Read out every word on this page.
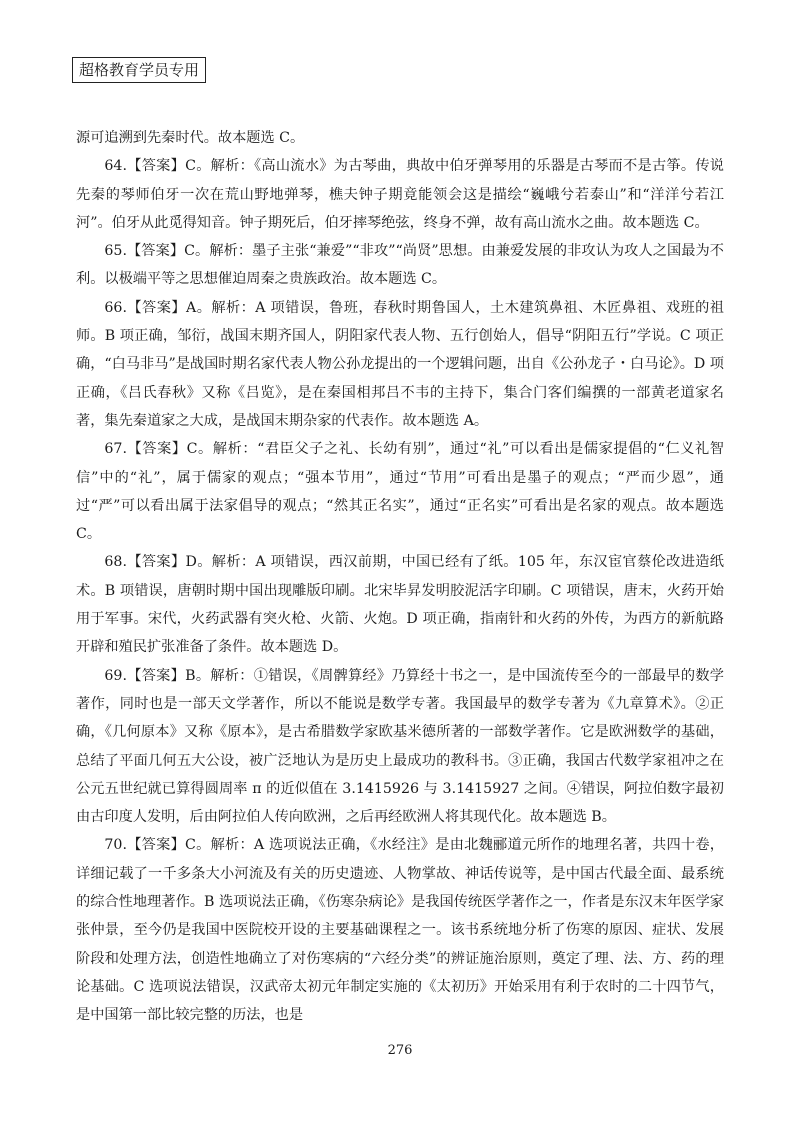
超格教育学员专用

源可追溯到先秦时代。故本题选 C。

64.【答案】C。解析：《高山流水》为古琴曲，典故中伯牙弹琴用的乐器是古琴而不是古筝。传说先秦的琴师伯牙一次在荒山野地弹琴，樵夫钟子期竟能领会这是描绘“巍峨兮若泰山”和“洋洋兮若江河”。伯牙从此觅得知音。钟子期死后，伯牙摔琴绝弦，终身不弹，故有高山流水之曲。故本题选 C。

65.【答案】C。解析：墨子主张“兼爱”“非攻”“尚贤”思想。由兼爱发展的非攻认为攻人之国最为不利。以极端平等之思想催迫周秦之贵族政治。故本题选 C。

66.【答案】A。解析：A 项错误，鲁班，春秋时期鲁国人，土木建筑鼻祖、木匠鼻祖、戏班的祖师。B 项正确，邹衍，战国末期齐国人，阴阳家代表人物、五行创始人，倡导“阴阳五行”学说。C 项正确，“白马非马”是战国时期名家代表人物公孙龙提出的一个逻辑问题，出自《公孙龙子・白马论》。D 项正确，《吕氏春秋》又称《吕览》，是在秦国相邦吕不韦的主持下，集合门客们编撰的一部黄老道家名著，集先秦道家之大成，是战国末期杂家的代表作。故本题选 A。

67.【答案】C。解析：“君臣父子之礼、长幼有别”，通过“礼”可以看出是儒家提倡的“仁义礼智信”中的“礼”，属于儒家的观点；“强本节用”，通过“节用”可看出是墨子的观点；“严而少恩”，通过“严”可以看出属于法家倡导的观点；“然其正名实”，通过“正名实”可看出是名家的观点。故本题选 C。

68.【答案】D。解析：A 项错误，西汉前期，中国已经有了纸。105 年，东汉宦官蔡伦改进造纸术。B 项错误，唐朝时期中国出现雕版印刷。北宋毕昇发明胶泥活字印刷。C 项错误，唐末，火药开始用于军事。宋代，火药武器有突火枪、火箭、火炮。D 项正确，指南针和火药的外传，为西方的新航路开辟和殖民扩张准备了条件。故本题选 D。

69.【答案】B。解析：①错误，《周髀算经》乃算经十书之一，是中国流传至今的一部最早的数学著作，同时也是一部天文学著作，所以不能说是数学专著。我国最早的数学专著为《九章算术》。②正确，《几何原本》又称《原本》，是古希腊数学家欧基米德所著的一部数学著作。它是欧洲数学的基础，总结了平面几何五大公设，被广泛地认为是历史上最成功的教科书。③正确，我国古代数学家祖冲之在公元五世纪就已算得圆周率 π 的近似值在 3.1415926 与 3.1415927 之间。④错误，阿拉伯数字最初由古印度人发明，后由阿拉伯人传向欧洲，之后再经欧洲人将其现代化。故本题选 B。

70.【答案】C。解析：A 选项说法正确，《水经注》是由北魏郦道元所作的地理名著，共四十卷，详细记载了一千多条大小河流及有关的历史遗迹、人物掌故、神话传说等，是中国古代最全面、最系统的综合性地理著作。B 选项说法正确，《伤寒杂病论》是我国传统医学著作之一，作者是东汉末年医学家张仲景，至今仍是我国中医院校开设的主要基础课程之一。该书系统地分析了伤寒的原因、症状、发展阶段和处理方法，创造性地确立了对伤寒病的“六经分类”的辨证施治原则，奠定了理、法、方、药的理论基础。C 选项说法错误，汉武帝太初元年制定实施的《太初历》开始采用有利于农时的二十四节气，是中国第一部比较完整的历法，也是

276
